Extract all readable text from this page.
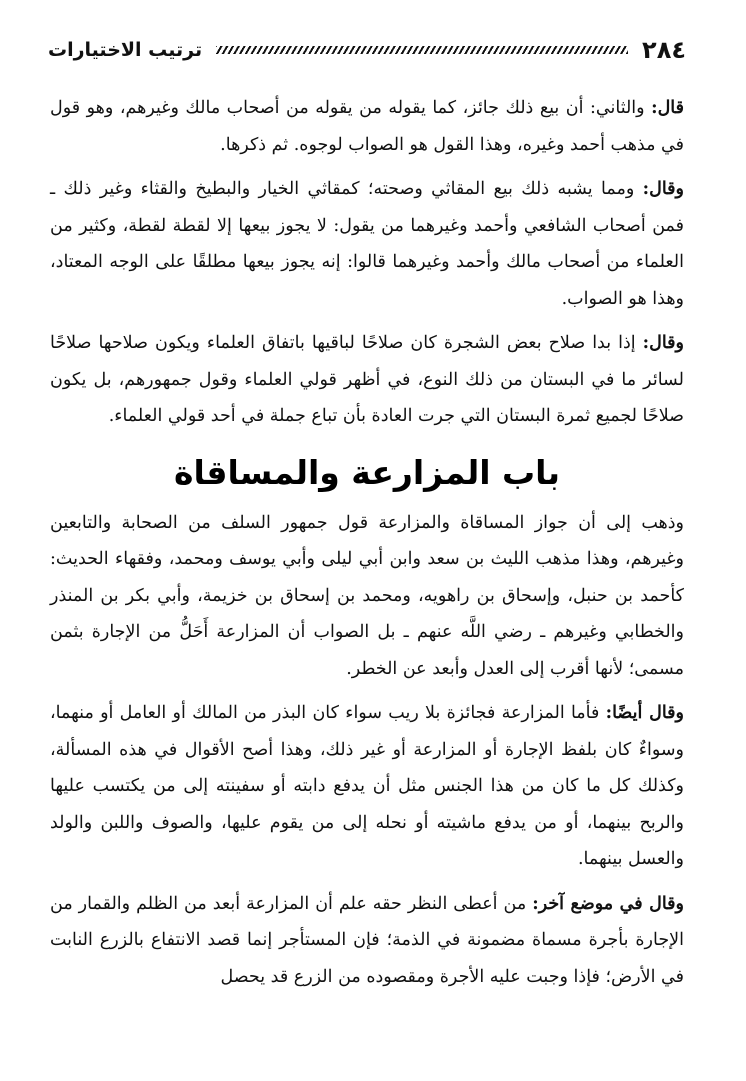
٢٨٤
ترتيب الاختيارات

قال: والثاني: أن بيع ذلك جائز، كما يقوله من يقوله من أصحاب مالك وغيرهم، وهو قول في مذهب أحمد وغيره، وهذا القول هو الصواب لوجوه. ثم ذكرها.

وقال: ومما يشبه ذلك بيع المقاثي وصحته؛ كمقاثي الخيار والبطيخ والقثاء وغير ذلك ـ فمن أصحاب الشافعي وأحمد وغيرهما من يقول: لا يجوز بيعها إلا لقطة لقطة، وكثير من العلماء من أصحاب مالك وأحمد وغيرهما قالوا: إنه يجوز بيعها مطلقًا على الوجه المعتاد، وهذا هو الصواب.

وقال: إذا بدا صلاح بعض الشجرة كان صلاحًا لباقيها باتفاق العلماء ويكون صلاحها صلاحًا لسائر ما في البستان من ذلك النوع، في أظهر قولي العلماء وقول جمهورهم، بل يكون صلاحًا لجميع ثمرة البستان التي جرت العادة بأن تباع جملة في أحد قولي العلماء.

باب المزارعة والمساقاة

وذهب إلى أن جواز المساقاة والمزارعة قول جمهور السلف من الصحابة والتابعين وغيرهم، وهذا مذهب الليث بن سعد وابن أبي ليلى وأبي يوسف ومحمد، وفقهاء الحديث: كأحمد بن حنبل، وإسحاق بن راهويه، ومحمد بن إسحاق بن خزيمة، وأبي بكر بن المنذر والخطابي وغيرهم ـ رضي اللَّه عنهم ـ بل الصواب أن المزارعة أَحَلُّ من الإجارة بثمن مسمى؛ لأنها أقرب إلى العدل وأبعد عن الخطر.

وقال أيضًا: فأما المزارعة فجائزة بلا ريب سواء كان البذر من المالك أو العامل أو منهما، وسواءٌ كان بلفظ الإجارة أو المزارعة أو غير ذلك، وهذا أصح الأقوال في هذه المسألة، وكذلك كل ما كان من هذا الجنس مثل أن يدفع دابته أو سفينته إلى من يكتسب عليها والربح بينهما، أو من يدفع ماشيته أو نحله إلى من يقوم عليها، والصوف واللبن والولد والعسل بينهما.

وقال في موضع آخر: من أعطى النظر حقه علم أن المزارعة أبعد من الظلم والقمار من الإجارة بأجرة مسماة مضمونة في الذمة؛ فإن المستأجر إنما قصد الانتفاع بالزرع النابت في الأرض؛ فإذا وجبت عليه الأجرة ومقصوده من الزرع قد يحصل
